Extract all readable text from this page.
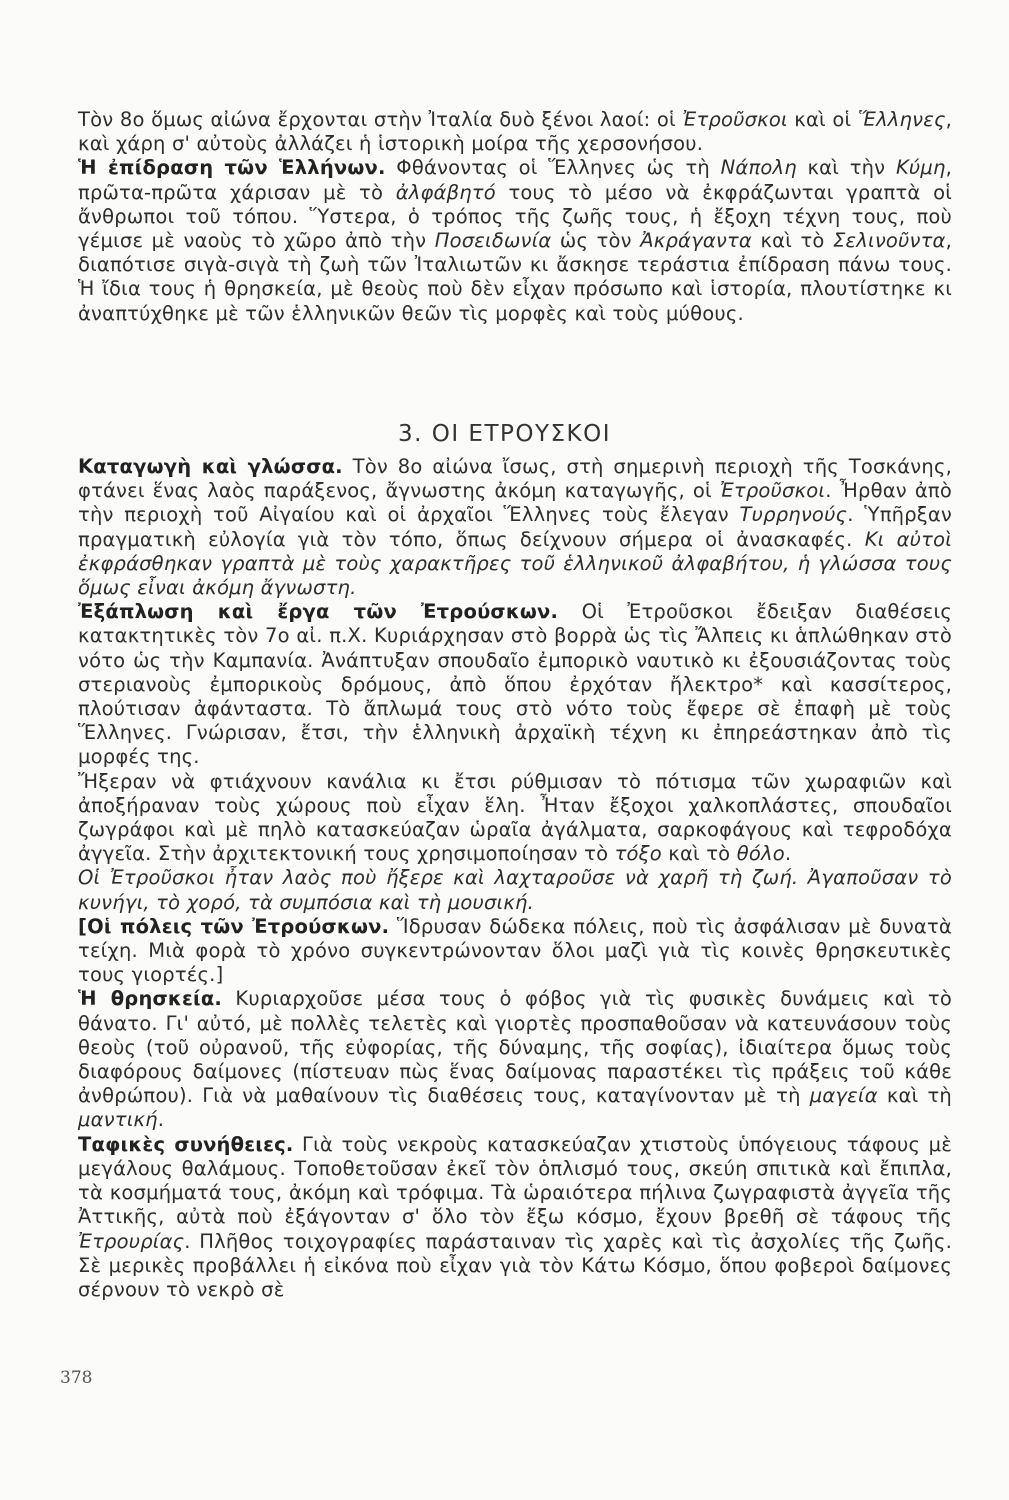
Τὸν 8ο ὅμως αἰώνα ἔρχονται στὴν Ἰταλία δυὸ ξένοι λαοί: οἱ Ἐτροῦσκοι καὶ οἱ Ἕλληνες, καὶ χάρη σ' αὐτοὺς ἀλλάζει ἡ ἱστορικὴ μοίρα τῆς χερσονήσου.

Ἡ ἐπίδραση τῶν Ἑλλήνων. Φθάνοντας οἱ Ἕλληνες ὡς τὴ Νάπολη καὶ τὴν Κύμη, πρῶτα-πρῶτα χάρισαν μὲ τὸ ἀλφάβητό τους τὸ μέσο νὰ ἐκφράζωνται γραπτὰ οἱ ἄνθρωποι τοῦ τόπου. Ὕστερα, ὁ τρόπος τῆς ζωῆς τους, ἡ ἔξοχη τέχνη τους, ποὺ γέμισε μὲ ναοὺς τὸ χῶρο ἀπὸ τὴν Ποσειδωνία ὡς τὸν Ἀκράγαντα καὶ τὸ Σελινοῦντα, διαπότισε σιγὰ-σιγὰ τὴ ζωὴ τῶν Ἰταλιωτῶν κι ἄσκησε τεράστια ἐπίδραση πάνω τους. Ἡ ἴδια τους ἡ θρησκεία, μὲ θεοὺς ποὺ δὲν εἶχαν πρόσωπο καὶ ἱστορία, πλουτίστηκε κι ἀναπτύχθηκε μὲ τῶν ἑλληνικῶν θεῶν τὶς μορφὲς καὶ τοὺς μύθους.

3. ΟΙ ΕΤΡΟΥΣΚΟΙ

Καταγωγὴ καὶ γλώσσα. Τὸν 8ο αἰώνα ἴσως, στὴ σημερινὴ περιοχὴ τῆς Τοσκάνης, φτάνει ἕνας λαὸς παράξενος, ἄγνωστης ἀκόμη καταγωγῆς, οἱ Ἐτροῦσκοι. Ἦρθαν ἀπὸ τὴν περιοχὴ τοῦ Αἰγαίου καὶ οἱ ἀρχαῖοι Ἕλληνες τοὺς ἔλεγαν Τυρρηνούς. Ὑπῆρξαν πραγματικὴ εὐλογία γιὰ τὸν τόπο, ὅπως δείχνουν σήμερα οἱ ἀνασκαφές. Κι αὐτοὶ ἐκφράσθηκαν γραπτὰ μὲ τοὺς χαρακτῆρες τοῦ ἑλληνικοῦ ἀλφαβήτου, ἡ γλώσσα τους ὅμως εἶναι ἀκόμη ἄγνωστη.

Ἐξάπλωση καὶ ἔργα τῶν Ἐτρούσκων. Οἱ Ἐτροῦσκοι ἔδειξαν διαθέσεις κατακτητικὲς τὸν 7ο αἰ. π.Χ. Κυριάρχησαν στὸ βορρὰ ὡς τὶς Ἄλπεις κι ἁπλώθηκαν στὸ νότο ὡς τὴν Καμπανία. Ἀνάπτυξαν σπουδαῖο ἐμπορικὸ ναυτικὸ κι ἐξουσιάζοντας τοὺς στεριανοὺς ἐμπορικοὺς δρόμους, ἀπὸ ὅπου ἐρχόταν ἤλεκτρο* καὶ κασσίτερος, πλούτισαν ἀφάνταστα. Τὸ ἄπλωμά τους στὸ νότο τοὺς ἔφερε σὲ ἐπαφὴ μὲ τοὺς Ἕλληνες. Γνώρισαν, ἔτσι, τὴν ἑλληνικὴ ἀρχαϊκὴ τέχνη κι ἐπηρεάστηκαν ἀπὸ τὶς μορφές της.

Ἤξεραν νὰ φτιάχνουν κανάλια κι ἔτσι ρύθμισαν τὸ πότισμα τῶν χωραφιῶν καὶ ἀποξήραναν τοὺς χώρους ποὺ εἶχαν ἕλη. Ἦταν ἔξοχοι χαλκοπλάστες, σπουδαῖοι ζωγράφοι καὶ μὲ πηλὸ κατασκεύαζαν ὡραῖα ἀγάλματα, σαρκοφάγους καὶ τεφροδόχα ἀγγεῖα. Στὴν ἀρχιτεκτονική τους χρησιμοποίησαν τὸ τόξο καὶ τὸ θόλο.

Οἱ Ἐτροῦσκοι ἦταν λαὸς ποὺ ἤξερε καὶ λαχταροῦσε νὰ χαρῆ τὴ ζωή. Ἀγαποῦσαν τὸ κυνήγι, τὸ χορό, τὰ συμπόσια καὶ τὴ μουσική.

[Οἱ πόλεις τῶν Ἐτρούσκων. Ἵδρυσαν δώδεκα πόλεις, ποὺ τὶς ἀσφάλισαν μὲ δυνατὰ τείχη. Μιὰ φορὰ τὸ χρόνο συγκεντρώνονταν ὅλοι μαζὶ γιὰ τὶς κοινὲς θρησκευτικὲς τους γιορτές.]

Ἡ θρησκεία. Κυριαρχοῦσε μέσα τους ὁ φόβος γιὰ τὶς φυσικὲς δυνάμεις καὶ τὸ θάνατο. Γι' αὐτό, μὲ πολλὲς τελετὲς καὶ γιορτὲς προσπαθοῦσαν νὰ κατευνάσουν τοὺς θεοὺς (τοῦ οὐρανοῦ, τῆς εὐφορίας, τῆς δύναμης, τῆς σοφίας), ἰδιαίτερα ὅμως τοὺς διαφόρους δαίμονες (πίστευαν πὼς ἕνας δαίμονας παραστέκει τὶς πράξεις τοῦ κάθε ἀνθρώπου). Γιὰ νὰ μαθαίνουν τὶς διαθέσεις τους, καταγίνονταν μὲ τὴ μαγεία καὶ τὴ μαντική.

Ταφικὲς συνήθειες. Γιὰ τοὺς νεκροὺς κατασκεύαζαν χτιστοὺς ὑπόγειους τάφους μὲ μεγάλους θαλάμους. Τοποθετοῦσαν ἐκεῖ τὸν ὁπλισμό τους, σκεύη σπιτικὰ καὶ ἔπιπλα, τὰ κοσμήματά τους, ἀκόμη καὶ τρόφιμα. Τὰ ὡραιότερα πήλινα ζωγραφιστὰ ἀγγεῖα τῆς Ἀττικῆς, αὐτὰ ποὺ ἐξάγονταν σ' ὅλο τὸν ἔξω κόσμο, ἔχουν βρεθῆ σὲ τάφους τῆς Ἐτρουρίας. Πλῆθος τοιχογραφίες παράσταιναν τὶς χαρὲς καὶ τὶς ἀσχολίες τῆς ζωῆς. Σὲ μερικὲς προβάλλει ἡ εἰκόνα ποὺ εἶχαν γιὰ τὸν Κάτω Κόσμο, ὅπου φοβεροὶ δαίμονες σέρνουν τὸ νεκρὸ σὲ

378
